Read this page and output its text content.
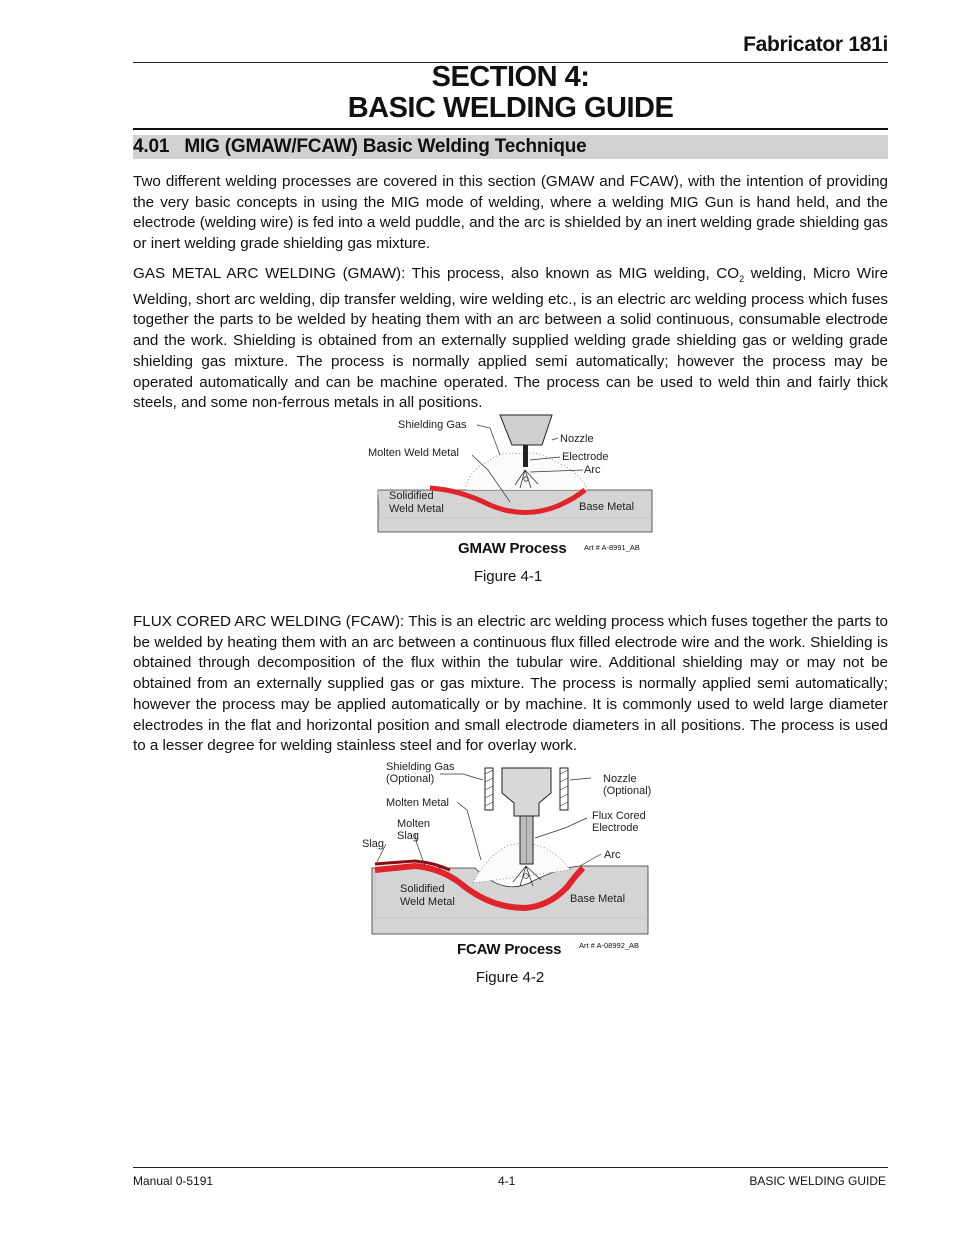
Fabricator 181i
SECTION 4:
BASIC WELDING GUIDE
4.01   MIG (GMAW/FCAW) Basic Welding Technique
Two different welding processes are covered in this section (GMAW and FCAW), with the intention of providing the very basic concepts in using the MIG mode of welding, where a welding MIG Gun is hand held, and the electrode (welding wire) is fed into a weld puddle, and the arc is shielded by an inert welding grade shielding gas or inert welding grade shielding gas mixture.
GAS METAL ARC WELDING (GMAW): This process, also known as MIG welding, $CO_2$ welding, Micro Wire Welding, short arc welding, dip transfer welding, wire welding etc., is an electric arc welding process which fuses together the parts to be welded by heating them with an arc between a solid continuous, consumable electrode and the work. Shielding is obtained from an externally supplied welding grade shielding gas or welding grade shielding gas mixture. The process is normally applied semi automatically; however the process may be operated automatically and can be machine operated. The process can be used to weld thin and fairly thick steels, and some non-ferrous metals in all positions.
Shielding Gas
Molten Weld Metal
Nozzle
Electrode
Arc
Solidified
Weld Metal	Base Metal
GMAW Process Art # A-8991_AB
Figure 4-1
FLUX CORED ARC WELDING (FCAW): This is an electric arc welding process which fuses together the parts to be welded by heating them with an arc between a continuous flux filled electrode wire and the work. Shielding is obtained through decomposition of the flux within the tubular wire. Additional shielding may or may not be obtained from an externally supplied gas or gas mixture. The process is normally applied semi automatically; however the process may be applied automatically or by machine. It is commonly used to weld large diameter electrodes in the flat and horizontal position and small electrode diameters in all positions. The process is used to a lesser degree for welding stainless steel and for overlay work.
Shielding Gas
(Optional)	Nozzle
(Optional)
Molten Metal
Flux Cored
Electrode
Molten
Slag
Slag
Arc
Solidified
Weld Metal	Base Metal
FCAW Process Art # A-08992_AB
Figure 4-2
Manual 0-5191	4-1	BASIC WELDING GUIDE
